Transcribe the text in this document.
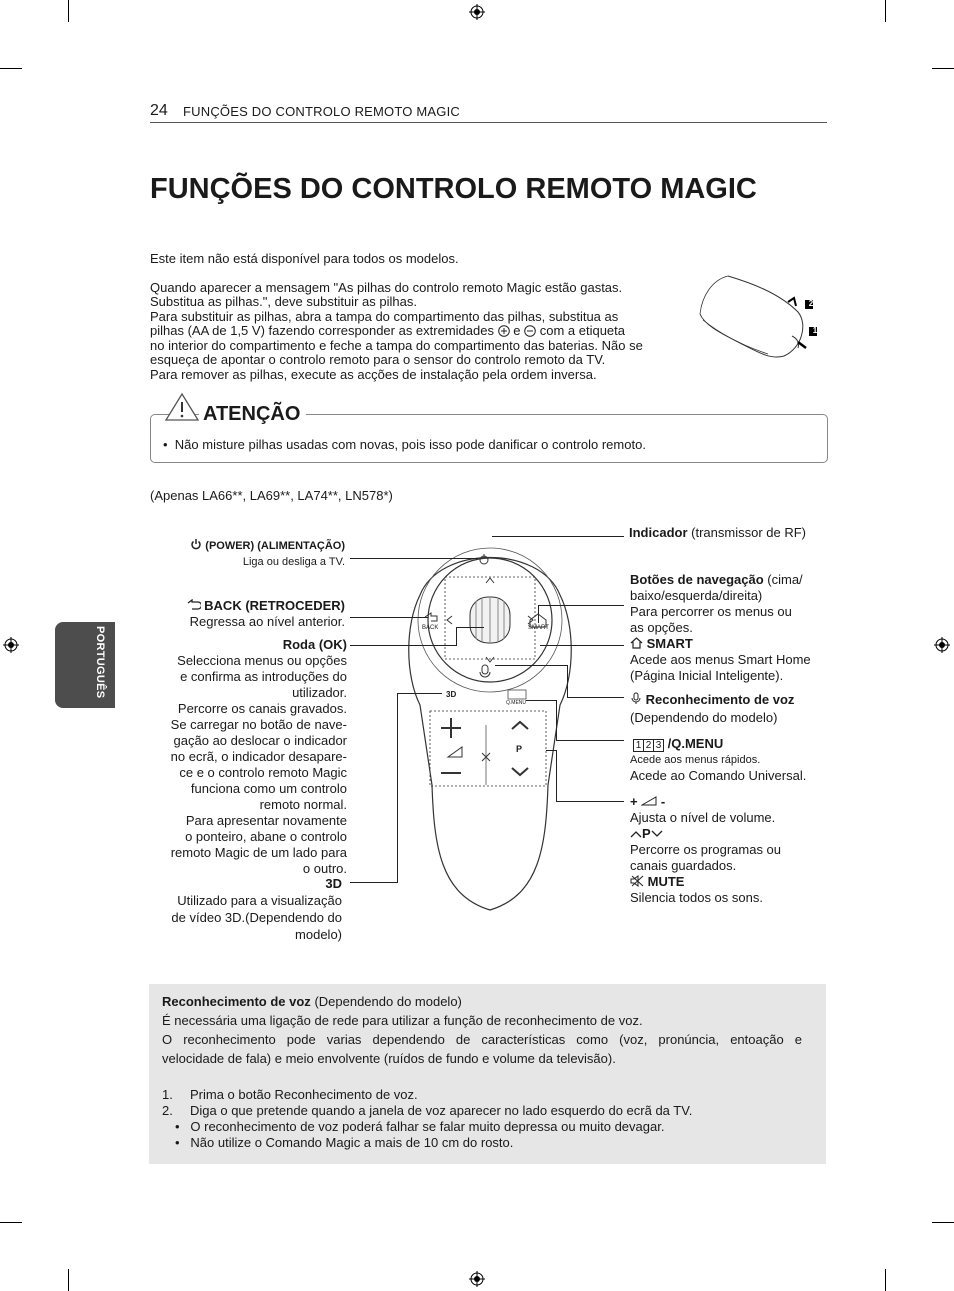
24 FUNÇÕES DO CONTROLO REMOTO MAGIC
FUNÇÕES DO CONTROLO REMOTO MAGIC
PORTUGUÊS
Este item não está disponível para todos os modelos.
Quando aparecer a mensagem "As pilhas do controlo remoto Magic estão gastas.
Substitua as pilhas.", deve substituir as pilhas.
Para substituir as pilhas, abra a tampa do compartimento das pilhas, substitua as
pilhas (AA de 1,5 V) fazendo corresponder as extremidades e com a etiqueta
no interior do compartimento e feche a tampa do compartimento das baterias. Não se
esqueça de apontar o controlo remoto para o sensor do controlo remoto da TV.
Para remover as pilhas, execute as acções de instalação pela ordem inversa.
2
1
ATENÇÃO
• Não misture pilhas usadas com novas, pois isso pode danificar o controlo remoto.
(Apenas LA66**, LA69**, LA74**, LN578*)
BACK	SMART
Q.MENU
3D
P
(POWER) (ALIMENTAÇÃO)
Liga ou desliga a TV.
BACK (RETROCEDER)
Regressa ao nível anterior.
Roda (OK)
Selecciona menus ou opções
e confirma as introduções do
utilizador.
Percorre os canais gravados.
Se carregar no botão de nave-
gação ao deslocar o indicador
no ecrã, o indicador desapare-
ce e o controlo remoto Magic
funciona como um controlo
remoto normal.
Para apresentar novamente
o ponteiro, abane o controlo
remoto Magic de um lado para
o outro.
3D
Utilizado para a visualização
de vídeo 3D.(Dependendo do
modelo)
Indicador (transmissor de RF)
Botões de navegação (cima/
baixo/esquerda/direita)
Para percorrer os menus ou
as opções.
SMART
Acede aos menus Smart Home
(Página Inicial Inteligente).
Reconhecimento de voz
(Dependendo do modelo)
1 2 3 /Q.MENU
Acede aos menus rápidos.
Acede ao Comando Universal.
+ -
Ajusta o nível de volume.
P
Percorre os programas ou
canais guardados.
MUTE
Silencia todos os sons.
Reconhecimento de voz (Dependendo do modelo)
É necessária uma ligação de rede para utilizar a função de reconhecimento de voz.
O reconhecimento pode varias dependendo de características como (voz, pronúncia, entoação e
velocidade de fala) e meio envolvente (ruídos de fundo e volume da televisão).
1. Prima o botão Reconhecimento de voz.
2. Diga o que pretende quando a janela de voz aparecer no lado esquerdo do ecrã da TV.
•   O reconhecimento de voz poderá falhar se falar muito depressa ou muito devagar.
•   Não utilize o Comando Magic a mais de 10 cm do rosto.
